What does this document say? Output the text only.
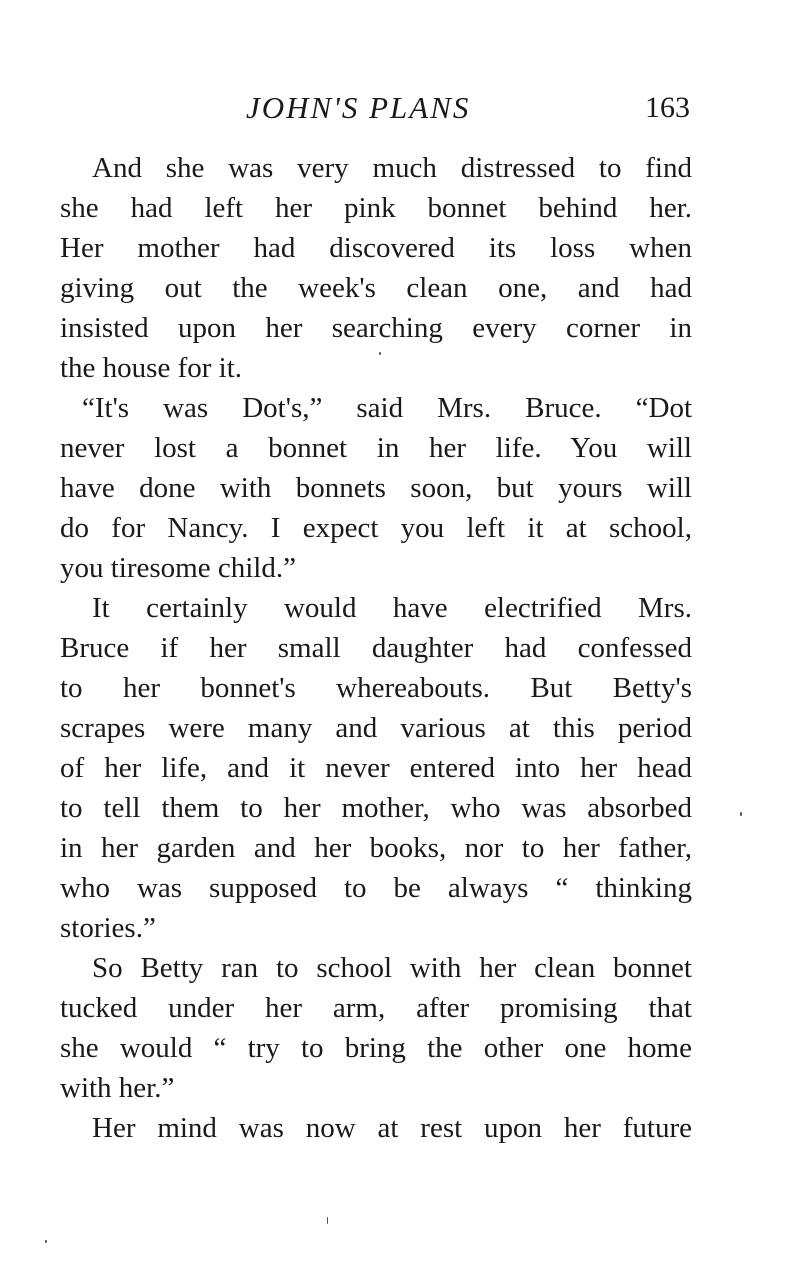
JOHN'S PLANS	163
And she was very much distressed to find
she had left her pink bonnet behind her.
Her mother had discovered its loss when
giving out the week's clean one, and had
insisted upon her searching every corner in
the house for it.
“It's was Dot's,” said Mrs. Bruce. “Dot
never lost a bonnet in her life. You will
have done with bonnets soon, but yours will
do for Nancy. I expect you left it at school,
you tiresome child.”
It certainly would have electrified Mrs.
Bruce if her small daughter had confessed
to her bonnet's whereabouts. But Betty's
scrapes were many and various at this period
of her life, and it never entered into her head
to tell them to her mother, who was absorbed
in her garden and her books, nor to her father,
who was supposed to be always “ thinking
stories.”
So Betty ran to school with her clean bonnet
tucked under her arm, after promising that
she would “ try to bring the other one home
with her.”
Her mind was now at rest upon her future
